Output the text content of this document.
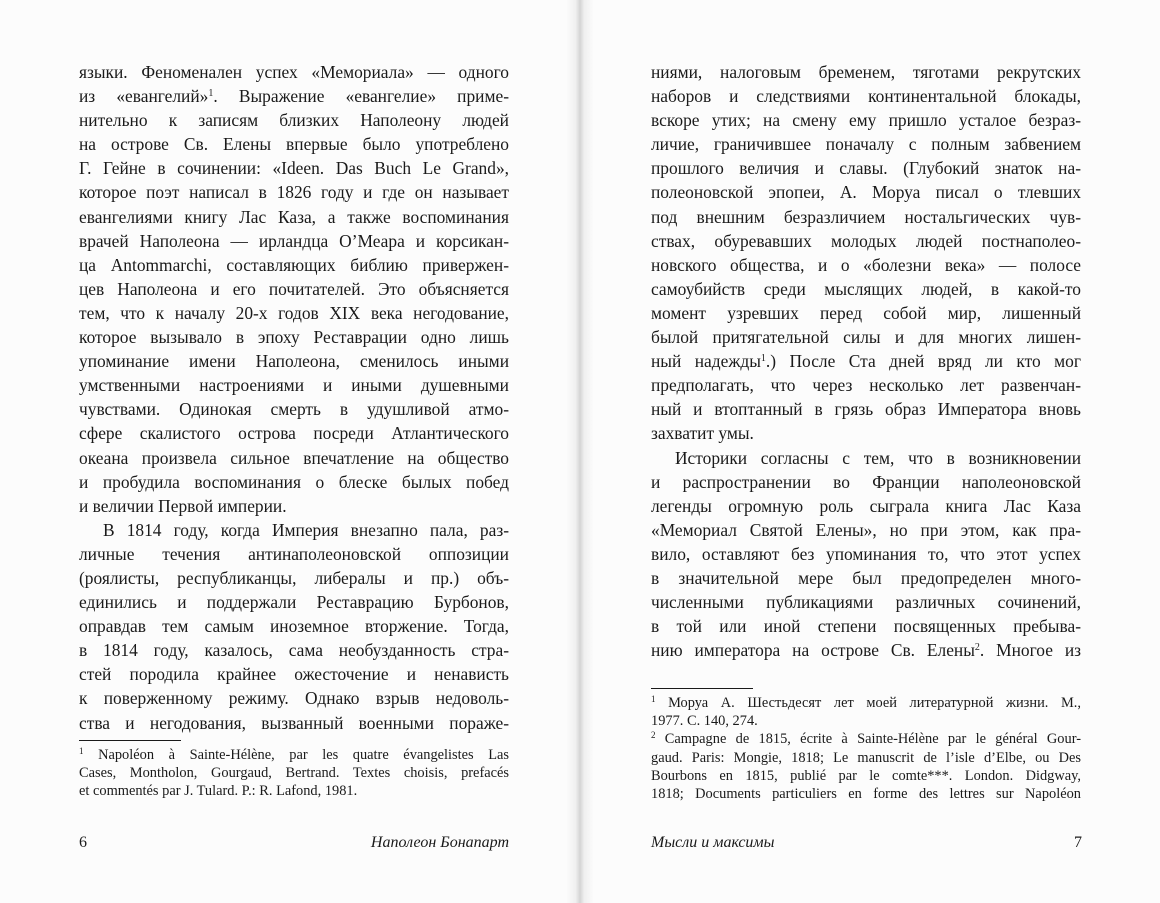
языки. Феноменален успех «Мемориала» — одного
из «евангелий»$^1$. Выражение «евангелие» приме-
нительно к записям близких Наполеону людей
на острове Св. Елены впервые было употреблено
Г. Гейне в сочинении: «Ideen. Das Buch Le Grand»,
которое поэт написал в 1826 году и где он называет
евангелиями книгу Лас Каза, а также воспоминания
врачей Наполеона — ирландца О’Меара и корсикан-
ца Antommarchi, составляющих библию привержен-
цев Наполеона и его почитателей. Это объясняется
тем, что к началу 20-х годов XIX века негодование,
которое вызывало в эпоху Реставрации одно лишь
упоминание имени Наполеона, сменилось иными
умственными настроениями и иными душевными
чувствами. Одинокая смерть в удушливой атмо-
сфере скалистого острова посреди Атлантического
океана произвела сильное впечатление на общество
и пробудила воспоминания о блеске былых побед
и величии Первой империи.
В 1814 году, когда Империя внезапно пала, раз-
личные течения антинаполеоновской оппозиции
(роялисты, республиканцы, либералы и пр.) объ-
единились и поддержали Реставрацию Бурбонов,
оправдав тем самым иноземное вторжение. Тогда,
в 1814 году, казалось, сама необузданность стра-
стей породила крайнее ожесточение и ненависть
к поверженному режиму. Однако взрыв недоволь-
ства и негодования, вызванный военными пораже-
$^1$ Napoléon à Sainte-Hélène, par les quatre évangelistes Las
Cases, Montholon, Gourgaud, Bertrand. Textes choisis, prefacés
et commentés par J. Tulard. P.: R. Lafond, 1981.
6	Наполеон Бонапарт
ниями, налоговым бременем, тяготами рекрутских
наборов и следствиями континентальной блокады,
вскоре утих; на смену ему пришло усталое безраз-
личие, граничившее поначалу с полным забвением
прошлого величия и славы. (Глубокий знаток на-
полеоновской эпопеи, А. Моруа писал о тлевших
под внешним безразличием ностальгических чув-
ствах, обуревавших молодых людей постнаполео-
новского общества, и о «болезни века» — полосе
самоубийств среди мыслящих людей, в какой-то
момент узревших перед собой мир, лишенный
былой притягательной силы и для многих лишен-
ный надежды$^1$.) После Ста дней вряд ли кто мог
предполагать, что через несколько лет развенчан-
ный и втоптанный в грязь образ Императора вновь
захватит умы.
Историки согласны с тем, что в возникновении
и распространении во Франции наполеоновской
легенды огромную роль сыграла книга Лас Каза
«Мемориал Святой Елены», но при этом, как пра-
вило, оставляют без упоминания то, что этот успех
в значительной мере был предопределен много-
численными публикациями различных сочинений,
в той или иной степени посвященных пребыва-
нию императора на острове Св. Елены$^2$. Многое из
$^1$ Моруа А. Шестьдесят лет моей литературной жизни. М.,
1977. С. 140, 274.
$^2$ Campagne de 1815, écrite à Sainte-Hélène par le général Gour-
gaud. Paris: Mongie, 1818; Le manuscrit de l’isle d’Elbe, ou Des
Bourbons en 1815, publié par le comte***. London. Didgway,
1818; Documents particuliers en forme des lettres sur Napoléon
Мысли и максимы	7
